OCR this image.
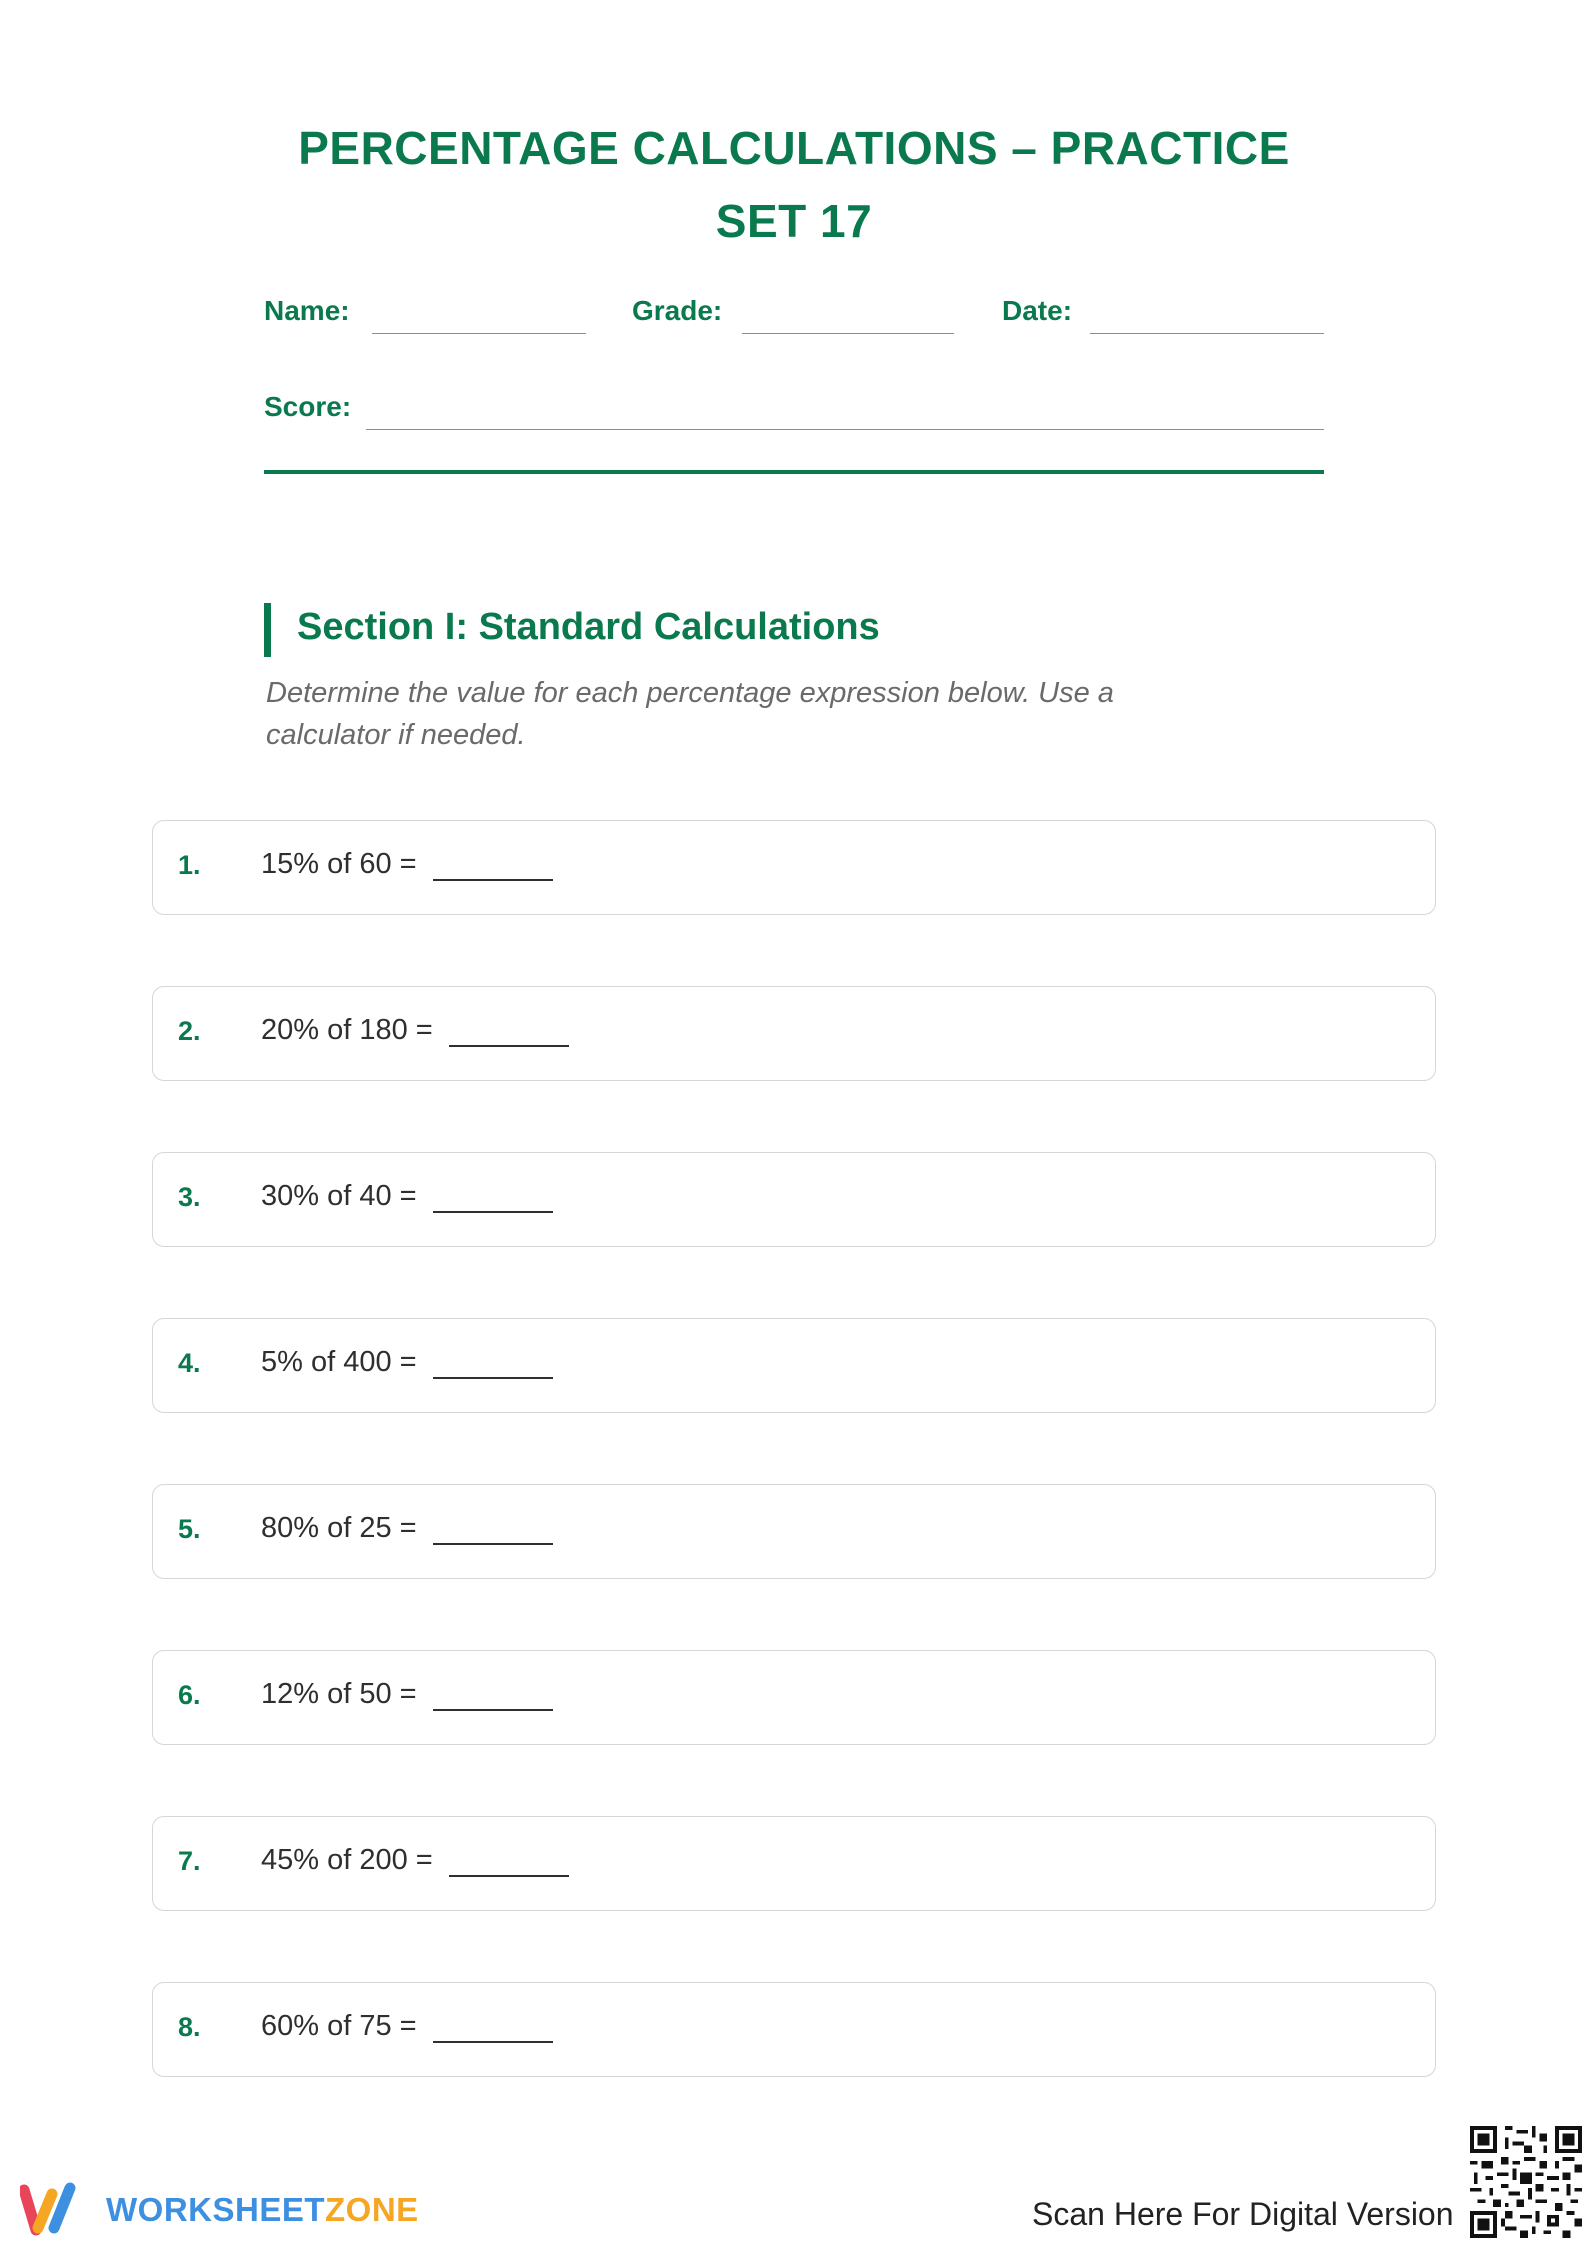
PERCENTAGE CALCULATIONS – PRACTICE
SET 17
Name:	Grade:	Date:
Score:
Section I: Standard Calculations
Determine the value for each percentage expression below. Use a calculator if needed.
1. 15% of 60 =
2. 20% of 180 =
3. 30% of 40 =
4. 5% of 400 =
5. 80% of 25 =
6. 12% of 50 =
7. 45% of 200 =
8. 60% of 75 =
WORKSHEETZONE	Scan Here For Digital Version
